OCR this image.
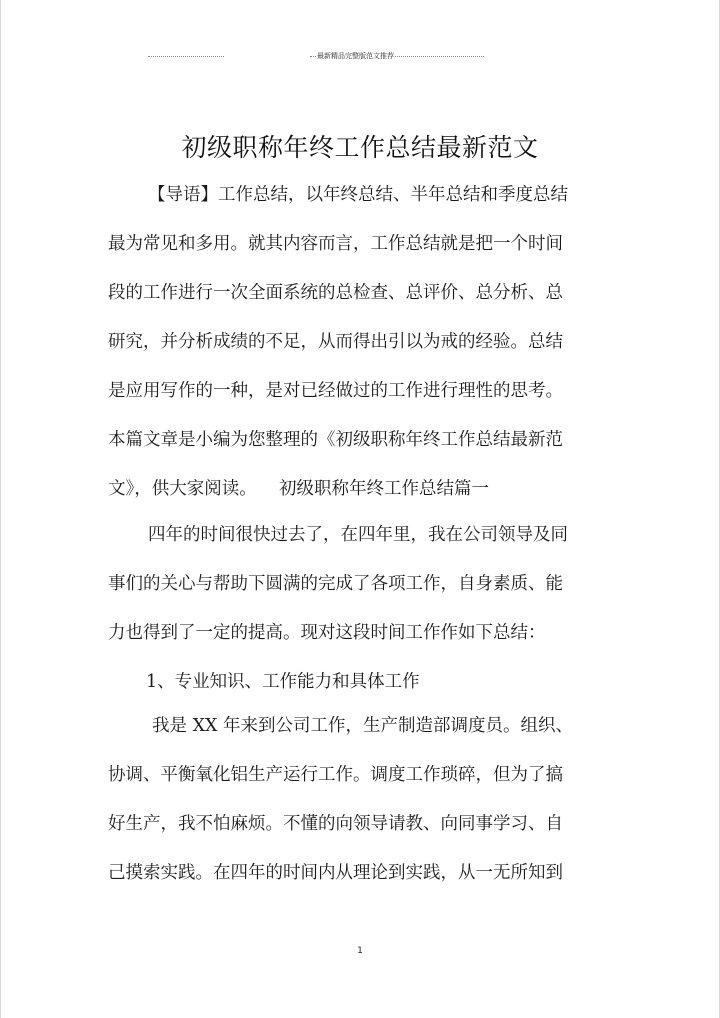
最新精品完整版范文推荐
初级职称年终工作总结最新范文
【导语】工作总结，以年终总结、半年总结和季度总结
最为常见和多用。就其内容而言，工作总结就是把一个时间
段的工作进行一次全面系统的总检查、总评价、总分析、总
研究，并分析成绩的不足，从而得出引以为戒的经验。总结
是应用写作的一种，是对已经做过的工作进行理性的思考。
本篇文章是小编为您整理的《初级职称年终工作总结最新范
文》，供大家阅读。    初级职称年终工作总结篇一
四年的时间很快过去了，在四年里，我在公司领导及同
事们的关心与帮助下圆满的完成了各项工作，自身素质、能
力也得到了一定的提高。现对这段时间工作作如下总结：
1、专业知识、工作能力和具体工作
我是 XX 年来到公司工作，生产制造部调度员。组织、
协调、平衡氧化铝生产运行工作。调度工作琐碎，但为了搞
好生产，我不怕麻烦。不懂的向领导请教、向同事学习、自
己摸索实践。在四年的时间内从理论到实践，从一无所知到
1
